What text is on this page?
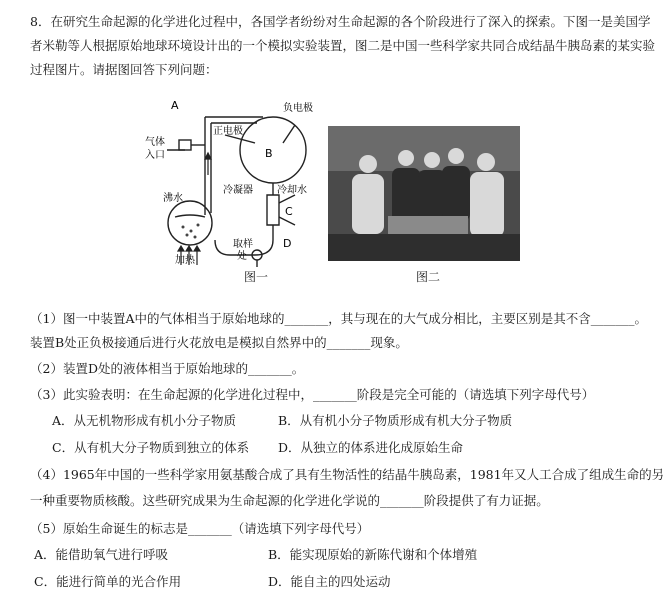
8．在研究生命起源的化学进化过程中，各国学者纷纷对生命起源的各个阶段进行了深入的探索。下图一是美国学
者米勒等人根据原始地球环境设计出的一个模拟实验装置，图二是中国一些科学家共同合成结晶牛胰岛素的某实验
过程图片。请据图回答下列问题：
A
B
C
D
正电极
负电极
气体
入口
沸水
冷凝器 冷却水
加热
取样
处
图一	图二
（1）图一中装置A中的气体相当于原始地球的_______，其与现在的大气成分相比，主要区别是其不含_______。
装置B处正负极接通后进行火花放电是模拟自然界中的_______现象。
（2）装置D处的液体相当于原始地球的_______。
（3）此实验表明：在生命起源的化学进化过程中，_______阶段是完全可能的（请选填下列字母代号）
A．从无机物形成有机小分子物质	B．从有机小分子物质形成有机大分子物质
C．从有机大分子物质到独立的体系 D．从独立的体系进化成原始生命
（4）1965年中国的一些科学家用氨基酸合成了具有生物活性的结晶牛胰岛素，1981年又人工合成了组成生命的另
一种重要物质核酸。这些研究成果为生命起源的化学进化学说的_______阶段提供了有力证据。
（5）原始生命诞生的标志是_______（请选填下列字母代号）
A．能借助氧气进行呼吸	B．能实现原始的新陈代谢和个体增殖
C．能进行简单的光合作用	D．能自主的四处运动
